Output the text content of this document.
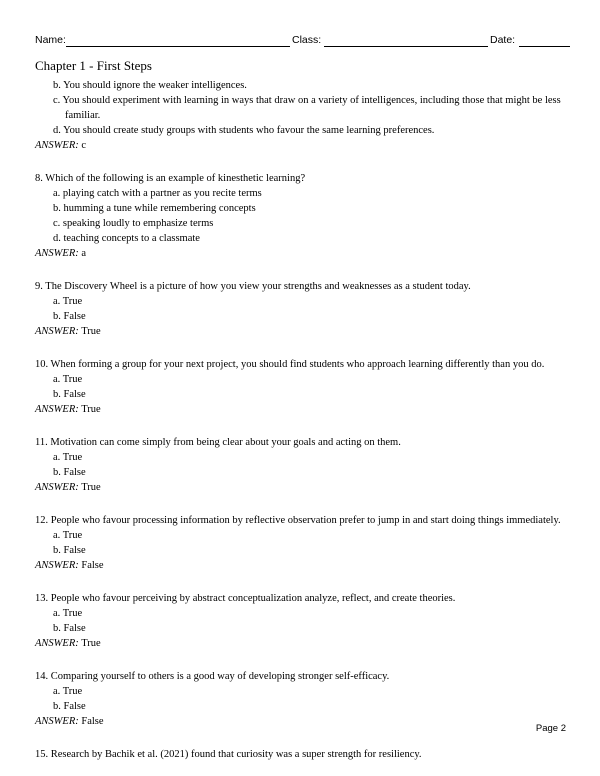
Name:	Class:	Date:
Chapter 1 - First Steps

b. You should ignore the weaker intelligences.

c. You should experiment with learning in ways that draw on a variety of intelligences, including those that might be less familiar.

d. You should create study groups with students who favour the same learning preferences.

ANSWER: c

8. Which of the following is an example of kinesthetic learning?

a. playing catch with a partner as you recite terms

b. humming a tune while remembering concepts

c. speaking loudly to emphasize terms

d. teaching concepts to a classmate

ANSWER: a

9. The Discovery Wheel is a picture of how you view your strengths and weaknesses as a student today.

a. True

b. False

ANSWER: True

10. When forming a group for your next project, you should find students who approach learning differently than you do.

a. True

b. False

ANSWER: True

11. Motivation can come simply from being clear about your goals and acting on them.

a. True

b. False

ANSWER: True

12. People who favour processing information by reflective observation prefer to jump in and start doing things immediately.

a. True

b. False

ANSWER: False

13. People who favour perceiving by abstract conceptualization analyze, reflect, and create theories.

a. True

b. False

ANSWER: True

14. Comparing yourself to others is a good way of developing stronger self-efficacy.

a. True

b. False

ANSWER: False

15. Research by Bachik et al. (2021) found that curiosity was a super strength for resiliency.

Page 2
